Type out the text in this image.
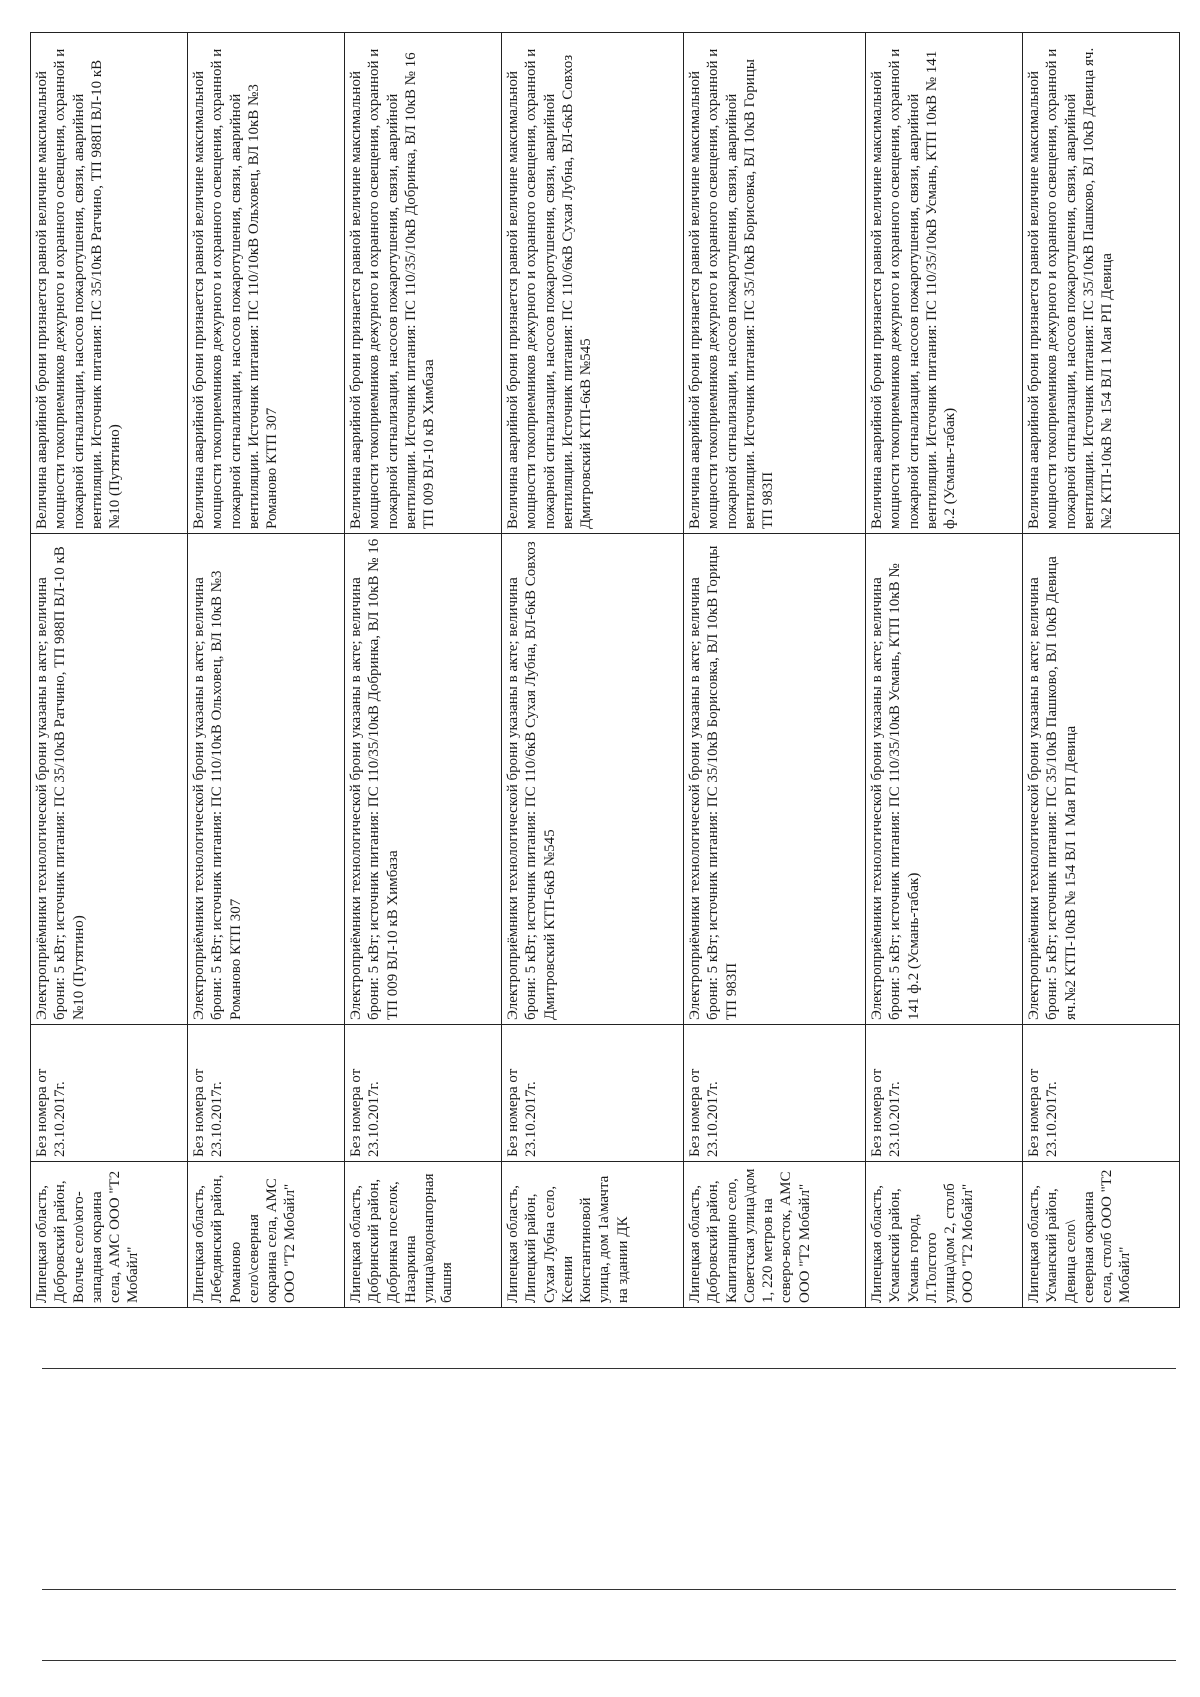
Липецкая область, Добровский район, Волчье село\юго-западная окраина села, АМС ООО "Т2 Мобайл"	Без номера от 23.10.2017г.	Электроприёмники технологической брони указаны в акте; величина брони: 5 кВт; источник питания: ПС 35/10кВ Ратчино, ТП 988П ВЛ-10 кВ №10 (Путятино)	Величина аварийной брони признается равной величине максимальной мощности токоприемников дежурного и охранного освещения, охранной и пожарной сигнализации, насосов пожаротушения, связи, аварийной вентиляции. Источник питания: ПС 35/10кВ Ратчино, ТП 988П ВЛ-10 кВ №10 (Путятино)
Липецкая область, Лебедянский район, Романово село\северная окраина села, АМС ООО "Т2 Мобайл"	Без номера от 23.10.2017г.	Электроприёмники технологической брони указаны в акте; величина брони: 5 кВт; источник питания: ПС 110/10кВ Ольховец, ВЛ 10кВ №3 Романово КТП 307	Величина аварийной брони признается равной величине максимальной мощности токоприемников дежурного и охранного освещения, охранной и пожарной сигнализации, насосов пожаротушения, связи, аварийной вентиляции. Источник питания: ПС 110/10кВ Ольховец, ВЛ 10кВ №3 Романово КТП 307
Липецкая область, Добринский район, Добринка поселок, Назаркина улица\водонапорная башня	Без номера от 23.10.2017г.	Электроприёмники технологической брони указаны в акте; величина брони: 5 кВт; источник питания: ПС 110/35/10кВ Добринка, ВЛ 10кВ № 16 ТП 009 ВЛ-10 кВ Химбаза	Величина аварийной брони признается равной величине максимальной мощности токоприемников дежурного и охранного освещения, охранной и пожарной сигнализации, насосов пожаротушения, связи, аварийной вентиляции. Источник питания: ПС 110/35/10кВ Добринка, ВЛ 10кВ № 16 ТП 009 ВЛ-10 кВ Химбаза
Липецкая область, Липецкий район, Сухая Лубна село, Ксении Константиновой улица, дом 1а\мачта на здании ДК	Без номера от 23.10.2017г.	Электроприёмники технологической брони указаны в акте; величина брони: 5 кВт; источник питания: ПС 110/6кВ Сухая Лубна, ВЛ-6кВ Совхоз Дмитровский КТП-6кВ №545	Величина аварийной брони признается равной величине максимальной мощности токоприемников дежурного и охранного освещения, охранной и пожарной сигнализации, насосов пожаротушения, связи, аварийной вентиляции. Источник питания: ПС 110/6кВ Сухая Лубна, ВЛ-6кВ Совхоз Дмитровский КТП-6кВ №545
Липецкая область, Добровский район, Капитанщино село, Советская улица\дом 1, 220 метров на северо-восток, АМС ООО "Т2 Мобайл"	Без номера от 23.10.2017г.	Электроприёмники технологической брони указаны в акте; величина брони: 5 кВт; источник питания: ПС 35/10кВ Борисовка, ВЛ 10кВ Горицы ТП 983П	Величина аварийной брони признается равной величине максимальной мощности токоприемников дежурного и охранного освещения, охранной и пожарной сигнализации, насосов пожаротушения, связи, аварийной вентиляции. Источник питания: ПС 35/10кВ Борисовка, ВЛ 10кВ Горицы ТП 983П
Липецкая область, Усманский район, Усмань город, Л.Толстого улица\дом 2, столб ООО "Т2 Мобайл"	Без номера от 23.10.2017г.	Электроприёмники технологической брони указаны в акте; величина брони: 5 кВт; источник питания: ПС 110/35/10кВ Усмань, КТП 10кВ № 141 ф.2 (Усмань-табак)	Величина аварийной брони признается равной величине максимальной мощности токоприемников дежурного и охранного освещения, охранной и пожарной сигнализации, насосов пожаротушения, связи, аварийной вентиляции. Источник питания: ПС 110/35/10кВ Усмань, КТП 10кВ № 141 ф.2 (Усмань-табак)
Липецкая область, Усманский район, Девица село\ северная окраина села, столб ООО "Т2 Мобайл"	Без номера от 23.10.2017г.	Электроприёмники технологической брони указаны в акте; величина брони: 5 кВт; источник питания: ПС 35/10кВ Пашково, ВЛ 10кВ Девица яч.№2 КТП-10кВ № 154 ВЛ 1 Мая РП Девица	Величина аварийной брони признается равной величине максимальной мощности токоприемников дежурного и охранного освещения, охранной и пожарной сигнализации, насосов пожаротушения, связи, аварийной вентиляции. Источник питания: ПС 35/10кВ Пашково, ВЛ 10кВ Девица яч.№2 КТП-10кВ № 154 ВЛ 1 Мая РП Девица
